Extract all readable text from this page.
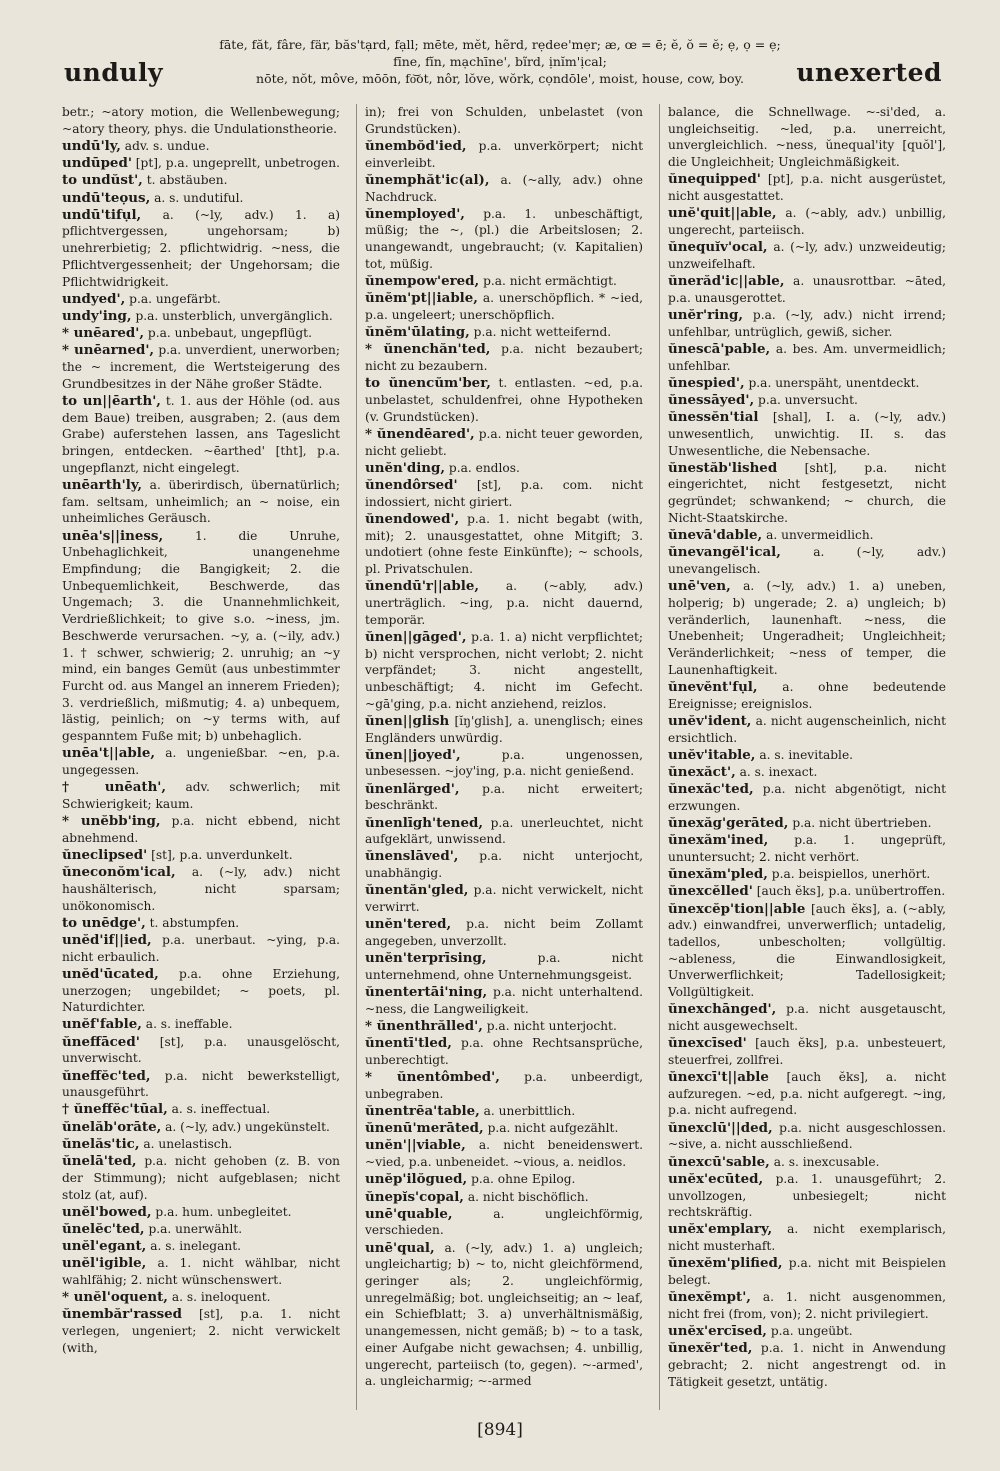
unduly
fāte, făt, fâre, fär, băs'tạrd, fạll; mēte, mĕt, hẽrd, rẹdee'mẹr; æ, œ = ē; ĕ, ŏ = ĕ; ẹ, ọ = ẹ;
fīne, fĭn, mạchīne', bĩrd, ịnĭm'ịcal;
nōte, nŏt, môve, mōōn, fo͝ot, nôr, lŏve, wŏrk, cọndōle', moist, house, cow, boy.	unexerted

betr.; ~atory motion, die Wellenbewegung; ~atory theory, phys. die Undulationstheorie.

undū'ly, adv. s. undue.

undūped' [pt], p.a. ungeprellt, unbetrogen.

to undŭst', t. abstäuben.

undū'teọus, a. s. undutiful.

undū'tifụl, a. (~ly, adv.) 1. a) pflichtvergessen, ungehorsam; b) unehrerbietig; 2. pflichtwidrig. ~ness, die Pflichtvergessenheit; der Ungehorsam; die Pflichtwidrigkeit.

undyed', p.a. ungefärbt.

undy'ing, p.a. unsterblich, unvergänglich.

* unēared', p.a. unbebaut, ungepflügt.

* unēarned', p.a. unverdient, unerworben; the ~ increment, die Wertsteigerung des Grundbesitzes in der Nähe großer Städte.

to un||ēarth', t. 1. aus der Höhle (od. aus dem Baue) treiben, ausgraben; 2. (aus dem Grabe) auferstehen lassen, ans Tageslicht bringen, entdecken. ~ēarthed' [tht], p.a. ungepflanzt, nicht eingelegt.

unēarth'ly, a. überirdisch, übernatürlich; fam. seltsam, unheimlich; an ~ noise, ein unheimliches Geräusch.

unēa's||iness,	1. die Unruhe, Unbehaglichkeit, unangenehme Empfindung; die Bangigkeit; 2. die Unbequemlichkeit, Beschwerde, das Ungemach; 3. die Unannehmlichkeit, Verdrießlichkeit; to give s.o. ~iness, jm. Beschwerde verursachen. ~y, a. (~ily, adv.) 1. † schwer, schwierig; 2. unruhig; an ~y mind, ein banges Gemüt (aus unbestimmter Furcht od. aus Mangel an innerem Frieden); 3. verdrießlich, mißmutig; 4. a) unbequem, lästig, peinlich; on ~y terms with, auf gespanntem Fuße mit; b) unbehaglich.

unēa't||able, a. ungenießbar. ~en, p.a. ungegessen.

† unēath', adv. schwerlich; mit Schwierigkeit; kaum.

* unĕbb'ing, p.a. nicht ebbend, nicht abnehmend.

ŭneclipsed' [st], p.a. unverdunkelt.

ŭneconŏm'ical, a. (~ly, adv.) nicht haushälterisch, nicht sparsam; unökonomisch.

to unēdge', t. abstumpfen.

unĕd'if||ied, p.a. unerbaut. ~ying, p.a. nicht erbaulich.

unĕd'ūcated, p.a. ohne Erziehung, unerzogen; ungebildet; ~ poets, pl. Naturdichter.

unĕf'fable, a. s. ineffable.

ŭneffāced' [st], p.a. unausgelöscht, unverwischt.

ŭneffĕc'ted, p.a. nicht bewerkstelligt, unausgeführt.

† ŭneffĕc'tūal, a. s. ineffectual.

ŭnelăb'orāte, a. (~ly, adv.) ungekünstelt.

ŭnelăs'tic, a. unelastisch.

ŭnelā'ted, p.a. nicht gehoben (z. B. von der Stimmung); nicht aufgeblasen; nicht stolz (at, auf).

unĕl'bowed, p.a. hum. unbegleitet.

ŭnelĕc'ted, p.a. unerwählt.

unĕl'egant, a. s. inelegant.

unĕl'igible, a. 1. nicht wählbar, nicht wahlfähig; 2. nicht wünschenswert.

* unĕl'oquent, a. s. ineloquent.

ŭnembăr'rassed [st], p.a. 1. nicht verlegen, ungeniert; 2. nicht verwickelt (with,

in); frei von Schulden, unbelastet (von Grundstücken).

ŭnembŏd'ied, p.a. unverkörpert; nicht einverleibt.

ŭnemphăt'ic(al), a. (~ally, adv.) ohne Nachdruck.

ŭnemployed', p.a. 1. unbeschäftigt, müßig; the ~, (pl.) die Arbeitslosen; 2. unangewandt, ungebraucht; (v. Kapitalien) tot, müßig.

ŭnempow'ered, p.a. nicht ermächtigt.

ŭnĕm'pt||iable, a. unerschöpflich. * ~ied, p.a. ungeleert; unerschöpflich.

ŭnĕm'ūlating, p.a. nicht wetteifernd.

* ŭnenchăn'ted, p.a. nicht bezaubert; nicht zu bezaubern.

to ŭnencŭm'ber, t. entlasten. ~ed, p.a. unbelastet, schuldenfrei, ohne Hypotheken (v. Grundstücken).

* ŭnendēared', p.a. nicht teuer geworden, nicht geliebt.

unĕn'ding, p.a. endlos.

ŭnendôrsed' [st], p.a. com. nicht indossiert, nicht giriert.

ŭnendowed', p.a. 1. nicht begabt (with, mit); 2. unausgestattet, ohne Mitgift; 3. undotiert (ohne feste Einkünfte); ~ schools, pl. Privatschulen.

ŭnendū'r||able, a. (~ably, adv.) unerträglich. ~ing, p.a. nicht dauernd, temporär.

ŭnen||gāged', p.a. 1. a) nicht verpflichtet; b) nicht versprochen, nicht verlobt; 2. nicht verpfändet; 3. nicht angestellt, unbeschäftigt; 4. nicht im Gefecht. ~gā'ging, p.a. nicht anziehend, reizlos.

ŭnen||glish [ĭŋ'glish], a. unenglisch; eines Engländers unwürdig.

ŭnen||joyed',	p.a. ungenossen, unbesessen. ~joy'ing, p.a. nicht genießend.

ŭnenlärged', p.a. nicht erweitert; beschränkt.

ŭnenlīgh'tened, p.a. unerleuchtet, nicht aufgeklärt, unwissend.

ŭnenslāved', p.a. nicht unterjocht, unabhängig.

ŭnentăn'gled, p.a. nicht verwickelt, nicht verwirrt.

unĕn'tered, p.a. nicht beim Zollamt angegeben, unverzollt.

unĕn'terprīsing,	p.a. nicht unternehmend, ohne Unternehmungsgeist.

ŭnentertāi'ning, p.a. nicht unterhaltend. ~ness, die Langweiligkeit.

* ŭnenthrălled', p.a. nicht unterjocht.

ŭnentī'tled, p.a. ohne Rechtsansprüche, unberechtigt.

* ŭnentômbed', p.a. unbeerdigt, unbegraben.

ŭnentrēa'table, a. unerbittlich.

ŭnenū'merāted, p.a. nicht aufgezählt.

unĕn'||viable, a. nicht beneidenswert. ~vied, p.a. unbeneidet. ~vious, a. neidlos.

unĕp'ilŏgued, p.a. ohne Epilog.

ŭnepĭs'copal, a. nicht bischöflich.

unē'quable,	a. ungleichförmig, verschieden.

unē'qual, a. (~ly, adv.) 1. a) ungleich; ungleichartig; b) ~ to, nicht gleichförmend, geringer als; 2. ungleichförmig, unregelmäßig; bot. ungleichseitig; an ~ leaf, ein Schiefblatt; 3. a) unverhältnismäßig, unangemessen, nicht gemäß; b) ~ to a task, einer Aufgabe nicht gewachsen; 4. unbillig, ungerecht, parteiisch (to, gegen). ~-armed', a. ungleicharmig; ~-armed

balance, die Schnellwage. ~-si'ded, a. ungleichseitig. ~led, p.a. unerreicht, unvergleichlich. ~ness, ŭnequal'ity [quŏl'], die Ungleichheit; Ungleichmäßigkeit.

ŭnequipped' [pt], p.a. nicht ausgerüstet, nicht ausgestattet.

unĕ'quit||able, a. (~ably, adv.) unbillig, ungerecht, parteiisch.

ŭnequĭv'ocal, a. (~ly, adv.) unzweideutig; unzweifelhaft.

ŭnerăd'ic||able, a. unausrottbar. ~āted, p.a. unausgerottet.

unĕr'ring, p.a. (~ly, adv.) nicht irrend; unfehlbar, untrüglich, gewiß, sicher.

ŭnescā'pable, a. bes. Am. unvermeidlich; unfehlbar.

ŭnespied', p.a. unerspäht, unentdeckt.

ŭnessāyed', p.a. unversucht.

ŭnessĕn'tial [shal], I. a. (~ly, adv.) unwesentlich, unwichtig. II. s. das Unwesentliche, die Nebensache.

ŭnestăb'lished [sht], p.a. nicht eingerichtet, nicht festgesetzt, nicht gegründet; schwankend; ~ church, die Nicht-Staatskirche.

ŭnevā'dable, a. unvermeidlich.

ŭnevangĕl'ical,	a. (~ly, adv.) unevangelisch.

unē'ven, a. (~ly, adv.) 1. a) uneben, holperig; b) ungerade; 2. a) ungleich; b) veränderlich, launenhaft. ~ness, die Unebenheit; Ungeradheit; Ungleichheit; Veränderlichkeit; ~ness of temper, die Launenhaftigkeit.

ŭnevĕnt'fụl, a. ohne bedeutende Ereignisse; ereignislos.

unĕv'ident, a. nicht augenscheinlich, nicht ersichtlich.

unĕv'itable, a. s. inevitable.

ŭnexăct', a. s. inexact.

ŭnexăc'ted, p.a. nicht abgenötigt, nicht erzwungen.

ŭnexăg'gerāted, p.a. nicht übertrieben.

ŭnexăm'ined, p.a. 1. ungeprüft, ununtersucht; 2. nicht verhört.

ŭnexăm'pled, p.a. beispiellos, unerhört.

ŭnexcĕlled' [auch ĕks], p.a. unübertroffen.

ŭnexcĕp'tion||able [auch ĕks], a. (~ably, adv.) einwandfrei, unverwerflich; untadelig, tadellos, unbescholten; vollgültig. ~ableness, die Einwandlosigkeit, Unverwerflichkeit; Tadellosigkeit; Vollgültigkeit.

ŭnexchānged', p.a. nicht ausgetauscht, nicht ausgewechselt.

ŭnexcīsed' [auch ĕks], p.a. unbesteuert, steuerfrei, zollfrei.

ŭnexcī't||able [auch ĕks], a. nicht aufzuregen. ~ed, p.a. nicht aufgeregt. ~ing, p.a. nicht aufregend.

ŭnexclū'||ded, p.a. nicht ausgeschlossen. ~sive, a. nicht ausschließend.

ŭnexcū'sable, a. s. inexcusable.

unĕx'ecūted, p.a. 1. unausgeführt; 2. unvollzogen, unbesiegelt; nicht rechtskräftig.

unĕx'emplary, a. nicht exemplarisch, nicht musterhaft.

ŭnexĕm'plified, p.a. nicht mit Beispielen belegt.

ŭnexĕmpt', a. 1. nicht ausgenommen, nicht frei (from, von); 2. nicht privilegiert.

unĕx'ercīsed, p.a. ungeübt.

ŭnexĕr'ted, p.a. 1. nicht in Anwendung gebracht; 2. nicht angestrengt od. in Tätigkeit gesetzt, untätig.

[894]
